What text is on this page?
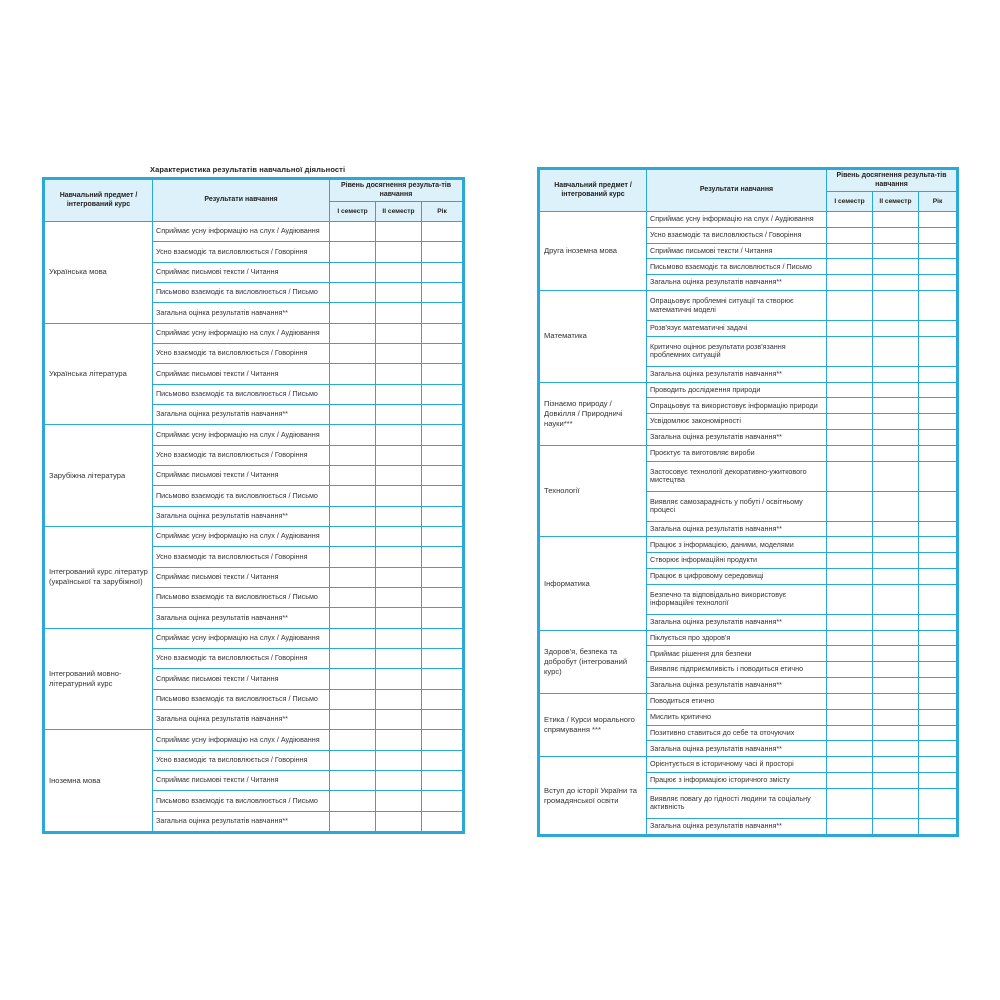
Характеристика результатів навчальної діяльності
Навчальний предмет / інтегрований курс	Результати навчання	Рівень досягнення результа-тів навчання		
		I семестр	II семестр	Рік
Українська мова	Сприймає усну інформацію на слух / Аудіювання			
	Усно взаємодіє та висловлюється / Говоріння			
	Сприймає письмові тексти / Читання			
	Письмово взаємодіє та висловлюється / Письмо			
	Загальна оцінка результатів навчання**			
Українська література	Сприймає усну інформацію на слух / Аудіювання			
	Усно взаємодіє та висловлюється / Говоріння			
	Сприймає письмові тексти / Читання			
	Письмово взаємодіє та висловлюється / Письмо			
	Загальна оцінка результатів навчання**			
Зарубіжна література	Сприймає усну інформацію на слух / Аудіювання			
	Усно взаємодіє та висловлюється / Говоріння			
	Сприймає письмові тексти / Читання			
	Письмово взаємодіє та висловлюється / Письмо			
	Загальна оцінка результатів навчання**			
Інтегрований курс літератур (української та зарубіжної)	Сприймає усну інформацію на слух / Аудіювання			
	Усно взаємодіє та висловлюється / Говоріння			
	Сприймає письмові тексти / Читання			
	Письмово взаємодіє та висловлюється / Письмо			
	Загальна оцінка результатів навчання**			
Інтегрований мовно-літературний курс	Сприймає усну інформацію на слух / Аудіювання			
	Усно взаємодіє та висловлюється / Говоріння			
	Сприймає письмові тексти / Читання			
	Письмово взаємодіє та висловлюється / Письмо			
	Загальна оцінка результатів навчання**			
Іноземна мова	Сприймає усну інформацію на слух / Аудіювання			
	Усно взаємодіє та висловлюється / Говоріння			
	Сприймає письмові тексти / Читання			
	Письмово взаємодіє та висловлюється / Письмо			
	Загальна оцінка результатів навчання**			
Навчальний предмет / інтегрований курс	Результати навчання	Рівень досягнення результа-тів навчання		
		I семестр	II семестр	Рік
Друга іноземна мова	Сприймає усну інформацію на слух / Аудіювання			
	Усно взаємодіє та висловлюється / Говоріння			
	Сприймає письмові тексти / Читання			
	Письмово взаємодіє та висловлюється / Письмо			
	Загальна оцінка результатів навчання**			
Математика	Опрацьовує проблемні ситуації та створює математичні моделі			
	Розв'язує математичні задачі			
	Критично оцінює результати розв'язання проблемних ситуацій			
	Загальна оцінка результатів навчання**			
Пізнаємо природу / Довкілля / Природничі науки***	Проводить дослідження природи			
	Опрацьовує та використовує інформацію природи			
	Усвідомлює закономірності			
	Загальна оцінка результатів навчання**			
Технології	Проєктує та виготовляє вироби			
	Застосовує технології декоративно-ужиткового мистецтва			
	Виявляє самозарадність у побуті / освітньому процесі			
	Загальна оцінка результатів навчання**			
Інформатика	Працює з інформацією, даними, моделями			
	Створює інформаційні продукти			
	Працює в цифровому середовищі			
	Безпечно та відповідально використовує інформаційні технології			
	Загальна оцінка результатів навчання**			
Здоров'я, безпека та добробут (інтегрований курс)	Піклується про здоров'я			
	Приймає рішення для безпеки			
	Виявляє підприємливість і поводиться етично			
	Загальна оцінка результатів навчання**			
Етика / Курси морального спрямування ***	Поводиться етично			
	Мислить критично			
	Позитивно ставиться до себе та оточуючих			
	Загальна оцінка результатів навчання**			
Вступ до історії України та громадянської освіти	Орієнтується в історичному часі й просторі			
	Працює з інформацією історичного змісту			
	Виявляє повагу до гідності людини та соціальну активність			
	Загальна оцінка результатів навчання**			
